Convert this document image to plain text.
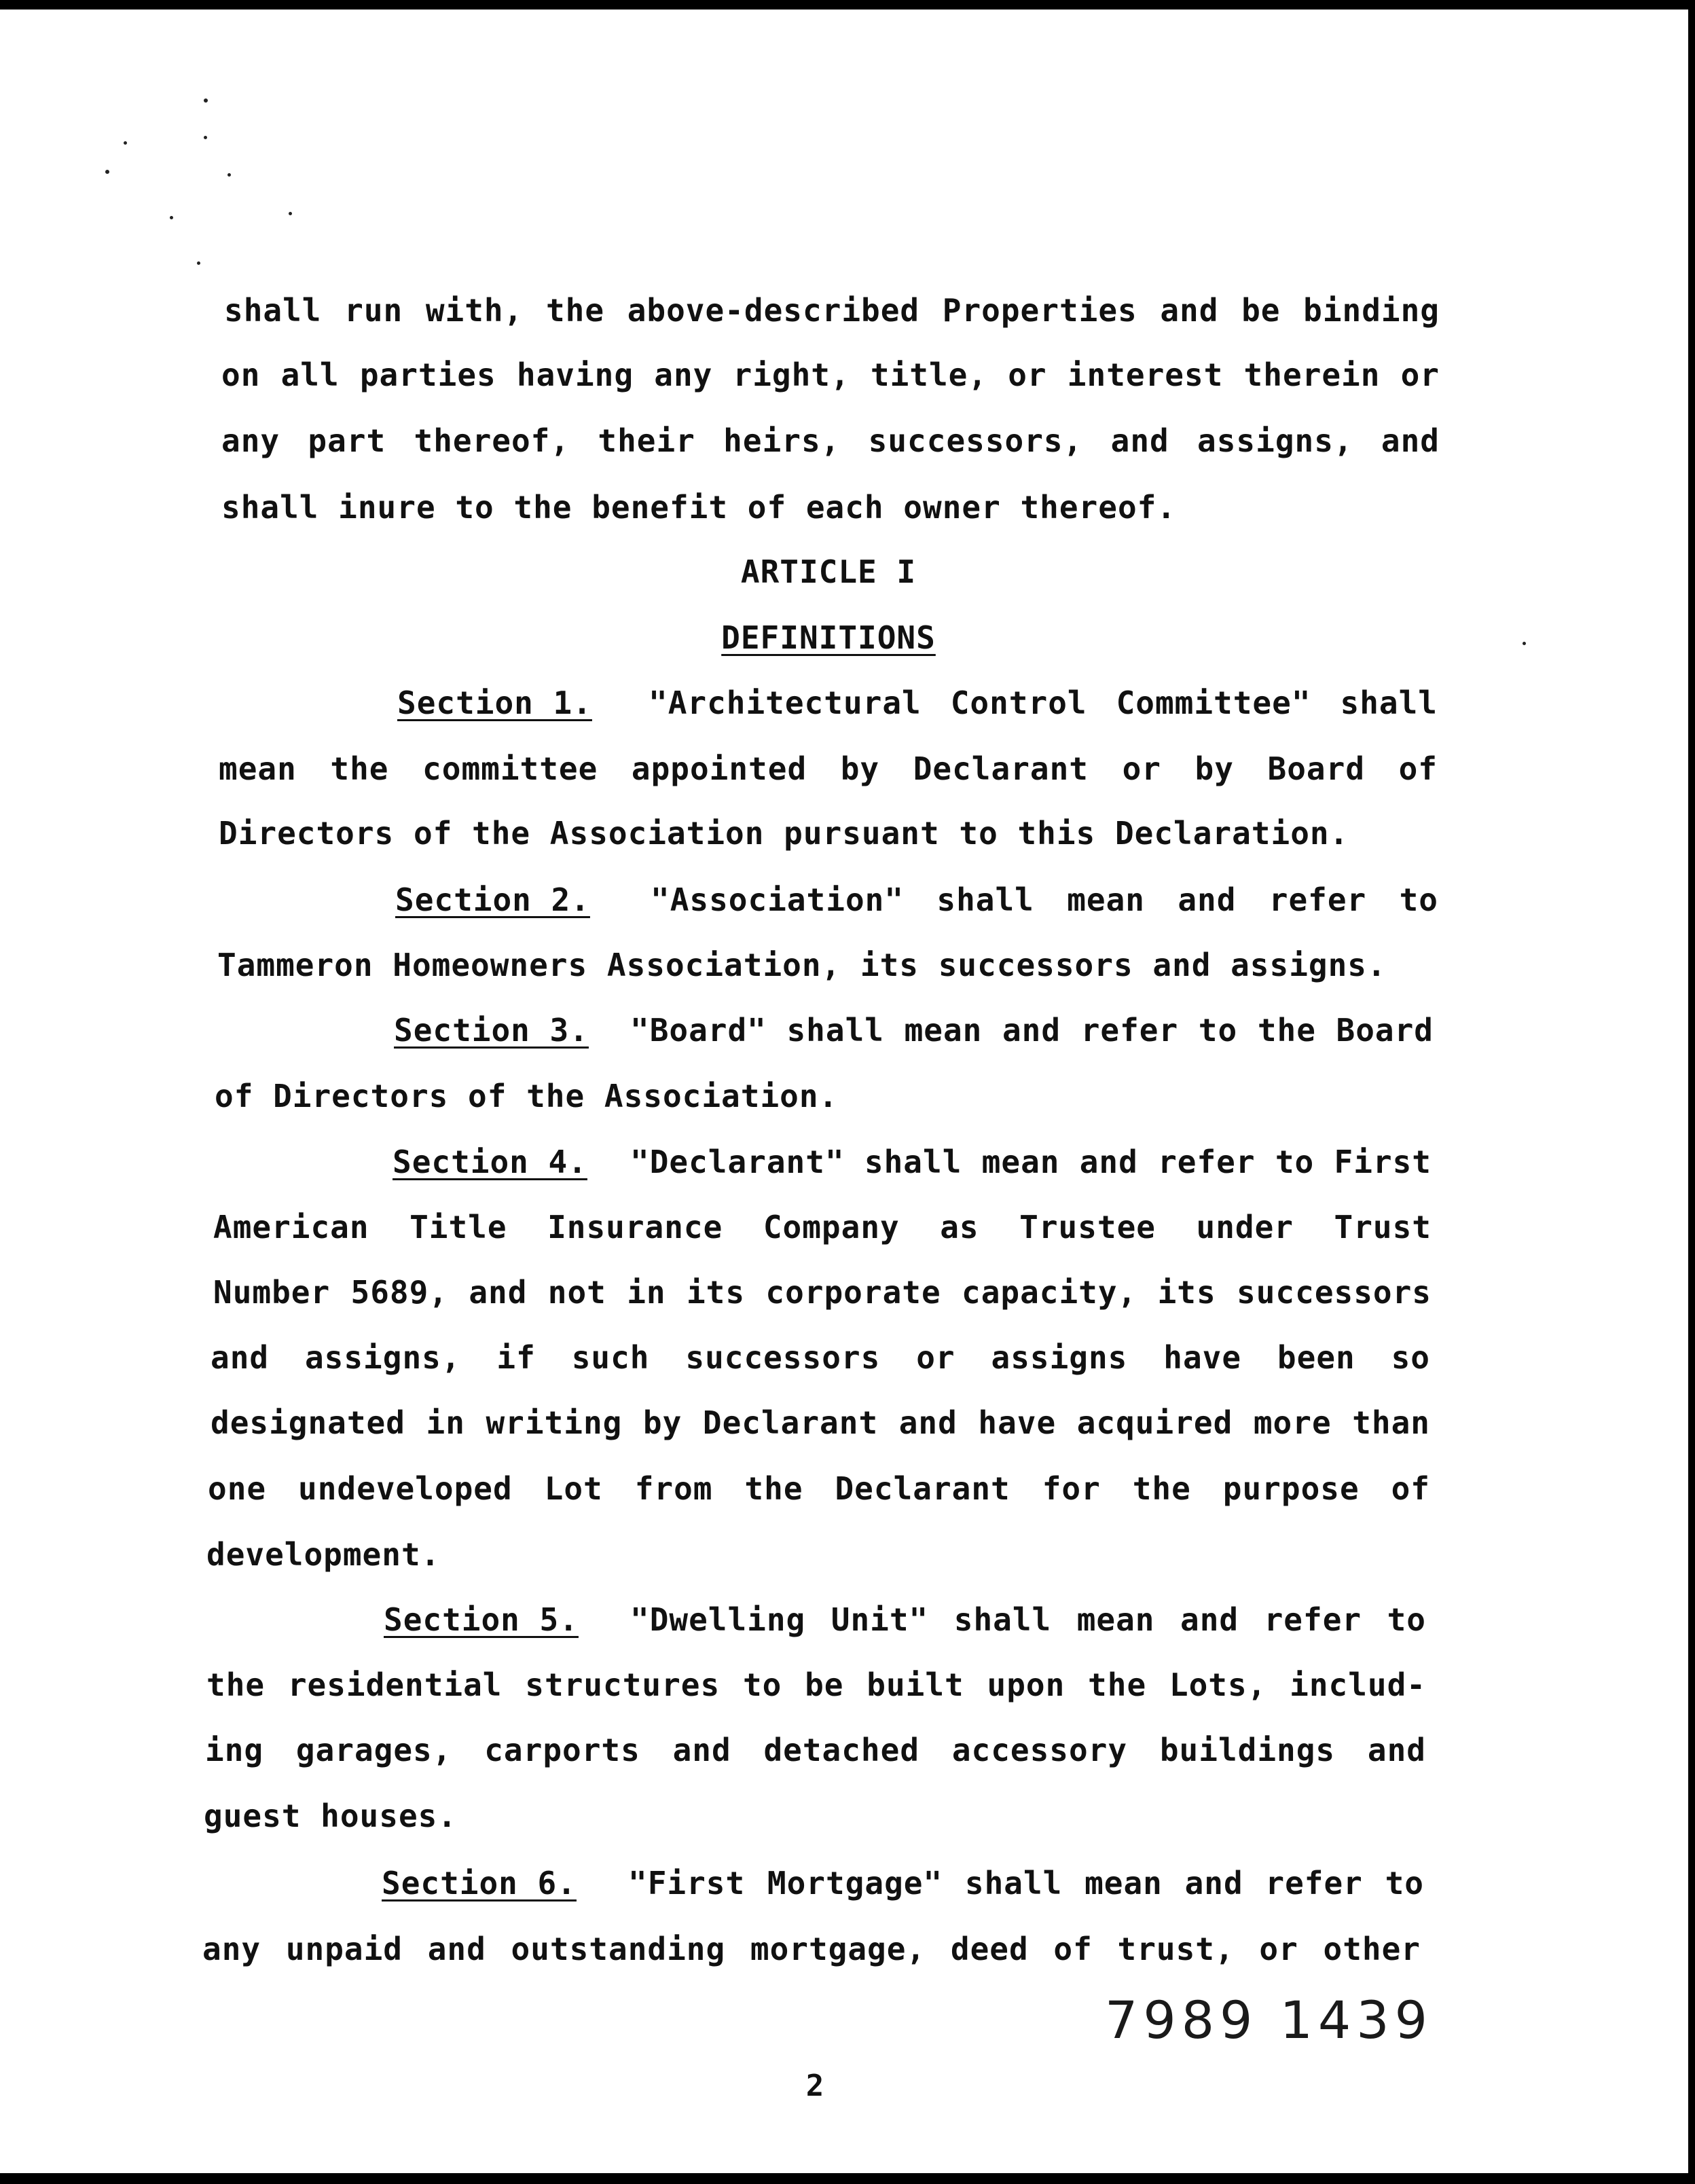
shall run with, the above-described Properties and be binding
on all parties having any right, title, or interest therein or
any part thereof, their heirs, successors, and assigns, and
shall inure to the benefit of each owner thereof.
ARTICLE I
DEFINITIONS
Section 1. "Architectural Control Committee" shall
mean the committee appointed by Declarant or by Board of
Directors of the Association pursuant to this Declaration.
Section 2. "Association" shall mean and refer to
Tammeron Homeowners Association, its successors and assigns.
Section 3. "Board" shall mean and refer to the Board
of Directors of the Association.
Section 4. "Declarant" shall mean and refer to First
American Title Insurance Company as Trustee under Trust
Number 5689, and not in its corporate capacity, its successors
and assigns, if such successors or assigns have been so
designated in writing by Declarant and have acquired more than
one undeveloped Lot from the Declarant for the purpose of
development.
Section 5. "Dwelling Unit" shall mean and refer to
the residential structures to be built upon the Lots, includ-
ing garages, carports and detached accessory buildings and
guest houses.
Section 6. "First Mortgage" shall mean and refer to
any unpaid and outstanding mortgage, deed of trust, or other
7989 1439
2
